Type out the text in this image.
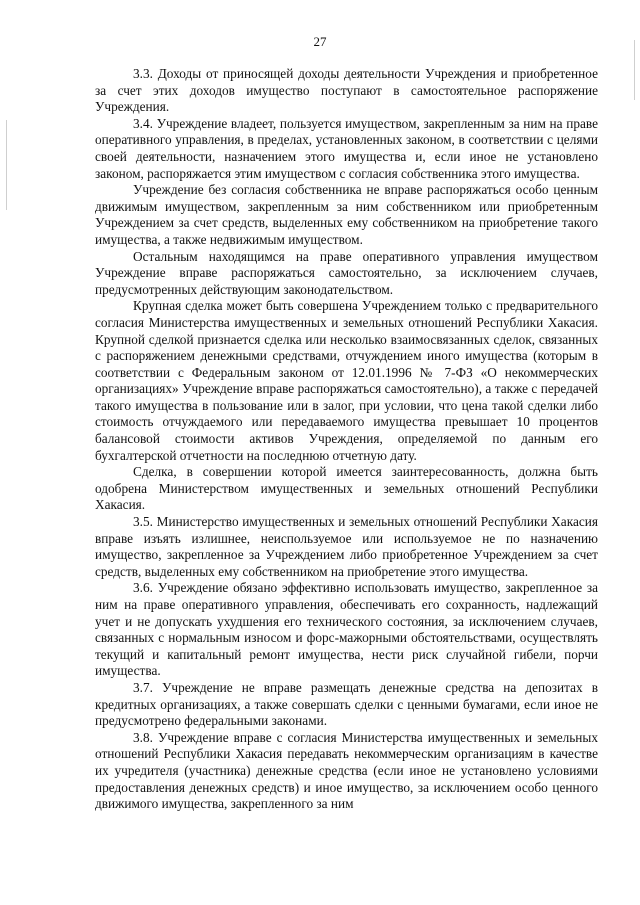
27

3.3. Доходы от приносящей доходы деятельности Учреждения и приобретенное за счет этих доходов имущество поступают в самостоятельное распоряжение Учреждения.

3.4. Учреждение владеет, пользуется имуществом, закрепленным за ним на праве оперативного управления, в пределах, установленных законом, в соответствии с целями своей деятельности, назначением этого имущества и, если иное не установлено законом, распоряжается этим имуществом с согласия собственника этого имущества.

Учреждение без согласия собственника не вправе распоряжаться особо ценным движимым имуществом, закрепленным за ним собственником или приобретенным Учреждением за счет средств, выделенных ему собственником на приобретение такого имущества, а также недвижимым имуществом.

Остальным находящимся на праве оперативного управления имуществом Учреждение вправе распоряжаться самостоятельно, за исключением случаев, предусмотренных действующим законодательством.

Крупная сделка может быть совершена Учреждением только с предварительного согласия Министерства имущественных и земельных отношений Республики Хакасия. Крупной сделкой признается сделка или несколько взаимосвязанных сделок, связанных с распоряжением денежными средствами, отчуждением иного имущества (которым в соответствии с Федеральным законом от 12.01.1996 № 7-ФЗ «О некоммерческих организациях» Учреждение вправе распоряжаться самостоятельно), а также с передачей такого имущества в пользование или в залог, при условии, что цена такой сделки либо стоимость отчуждаемого или передаваемого имущества превышает 10 процентов балансовой стоимости активов Учреждения, определяемой по данным его бухгалтерской отчетности на последнюю отчетную дату.

Сделка, в совершении которой имеется заинтересованность, должна быть одобрена Министерством имущественных и земельных отношений Республики Хакасия.

3.5. Министерство имущественных и земельных отношений Республики Хакасия вправе изъять излишнее, неиспользуемое или используемое не по назначению имущество, закрепленное за Учреждением либо приобретенное Учреждением за счет средств, выделенных ему собственником на приобретение этого имущества.

3.6. Учреждение обязано эффективно использовать имущество, закрепленное за ним на праве оперативного управления, обеспечивать его сохранность, надлежащий учет и не допускать ухудшения его технического состояния, за исключением случаев, связанных с нормальным износом и форс-мажорными обстоятельствами, осуществлять текущий и капитальный ремонт имущества, нести риск случайной гибели, порчи имущества.

3.7. Учреждение не вправе размещать денежные средства на депозитах в кредитных организациях, а также совершать сделки с ценными бумагами, если иное не предусмотрено федеральными законами.

3.8. Учреждение вправе с согласия Министерства имущественных и земельных отношений Республики Хакасия передавать некоммерческим организациям в качестве их учредителя (участника) денежные средства (если иное не установлено условиями предоставления денежных средств) и иное имущество, за исключением особо ценного движимого имущества, закрепленного за ним
